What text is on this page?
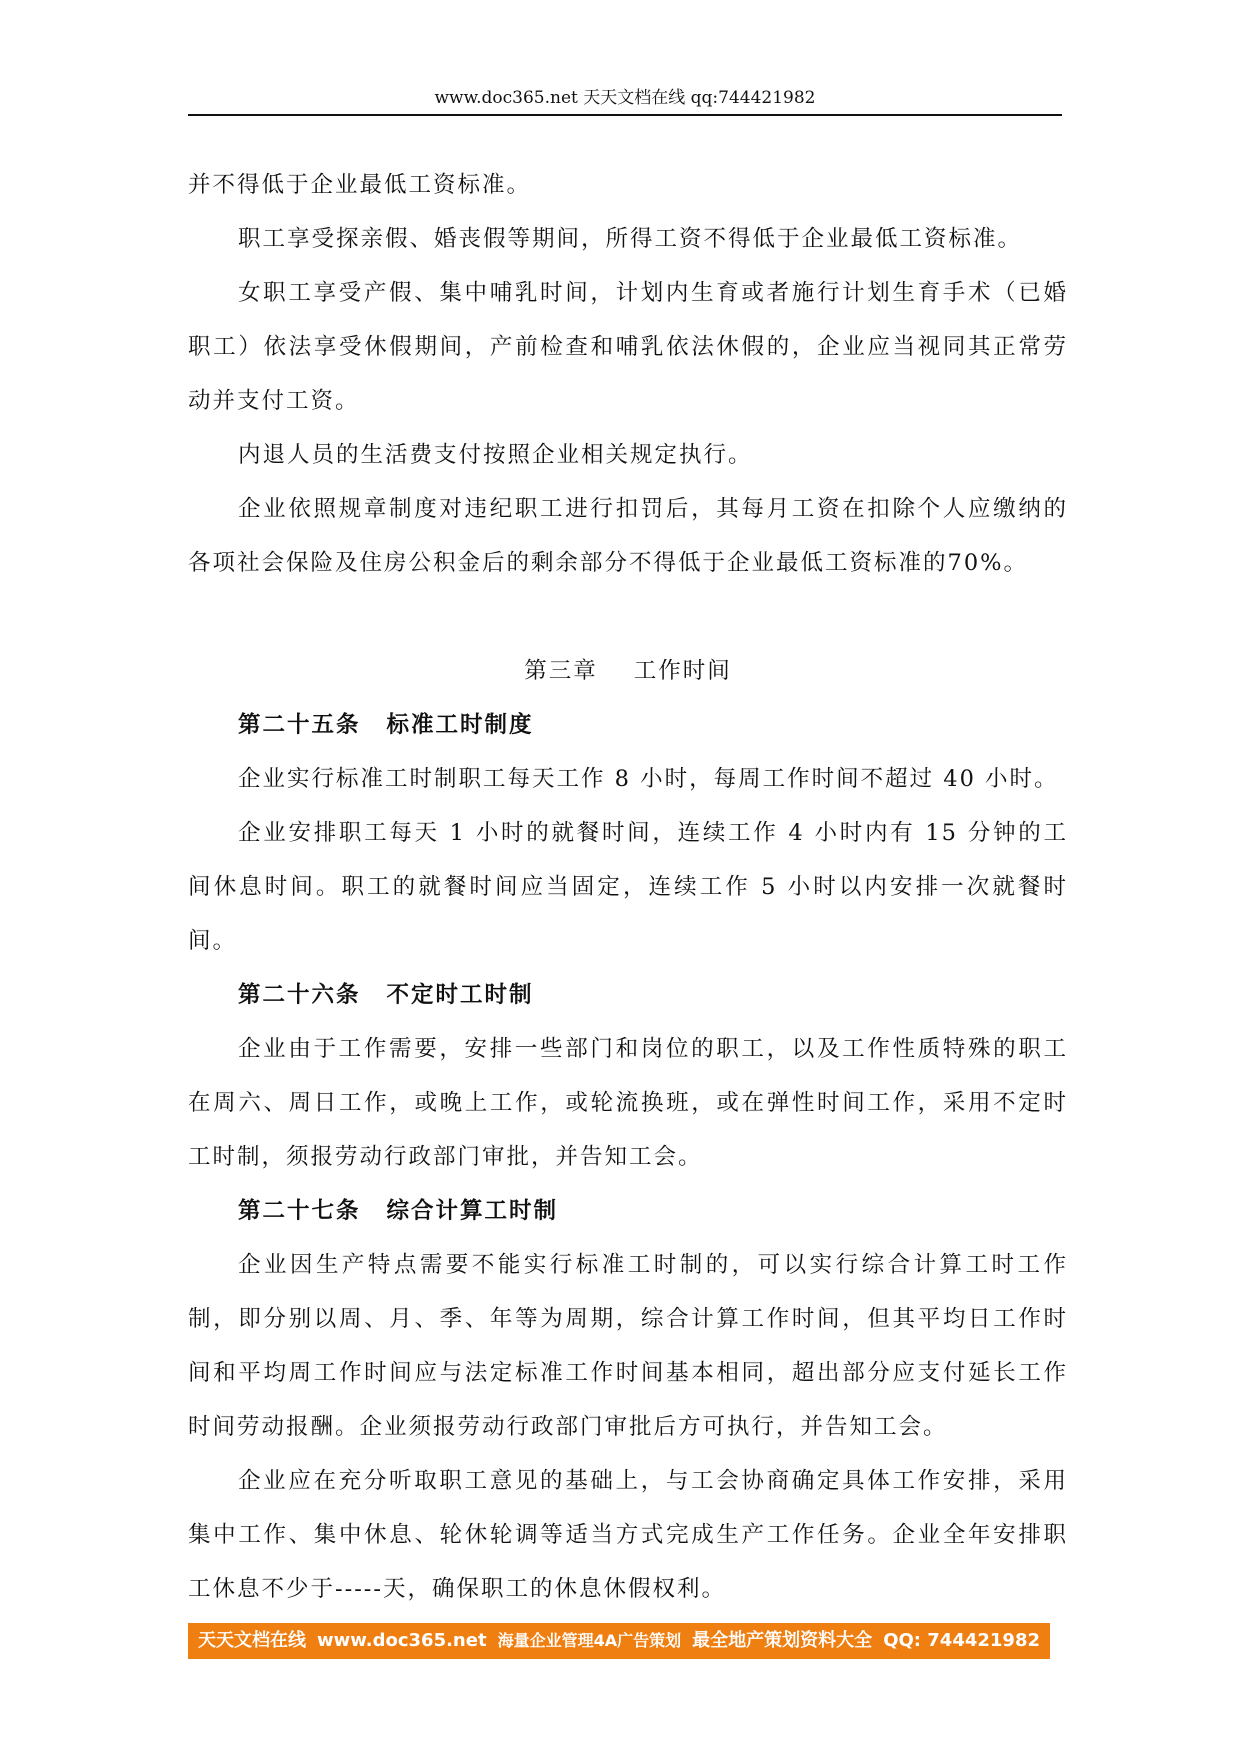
www.doc365.net 天天文档在线 qq:744421982

并不得低于企业最低工资标准。

职工享受探亲假、婚丧假等期间，所得工资不得低于企业最低工资标准。

女职工享受产假、集中哺乳时间，计划内生育或者施行计划生育手术（已婚职工）依法享受休假期间，产前检查和哺乳依法休假的，企业应当视同其正常劳动并支付工资。

内退人员的生活费支付按照企业相关规定执行。

企业依照规章制度对违纪职工进行扣罚后，其每月工资在扣除个人应缴纳的各项社会保险及住房公积金后的剩余部分不得低于企业最低工资标准的70%。

第三章 工作时间

第二十五条 标准工时制度

企业实行标准工时制职工每天工作 8 小时，每周工作时间不超过 40 小时。

企业安排职工每天 1 小时的就餐时间，连续工作 4 小时内有 15 分钟的工间休息时间。职工的就餐时间应当固定，连续工作 5 小时以内安排一次就餐时间。

第二十六条 不定时工时制

企业由于工作需要，安排一些部门和岗位的职工，以及工作性质特殊的职工在周六、周日工作，或晚上工作，或轮流换班，或在弹性时间工作，采用不定时工时制，须报劳动行政部门审批，并告知工会。

第二十七条 综合计算工时制

企业因生产特点需要不能实行标准工时制的，可以实行综合计算工时工作制，即分别以周、月、季、年等为周期，综合计算工作时间，但其平均日工作时间和平均周工作时间应与法定标准工作时间基本相同，超出部分应支付延长工作时间劳动报酬。企业须报劳动行政部门审批后方可执行，并告知工会。

企业应在充分听取职工意见的基础上，与工会协商确定具体工作安排，采用集中工作、集中休息、轮休轮调等适当方式完成生产工作任务。企业全年安排职工休息不少于-----天，确保职工的休息休假权利。

天天文档在线 www.doc365.net 海量企业管理4A广告策划 最全地产策划资料大全 QQ: 744421982
